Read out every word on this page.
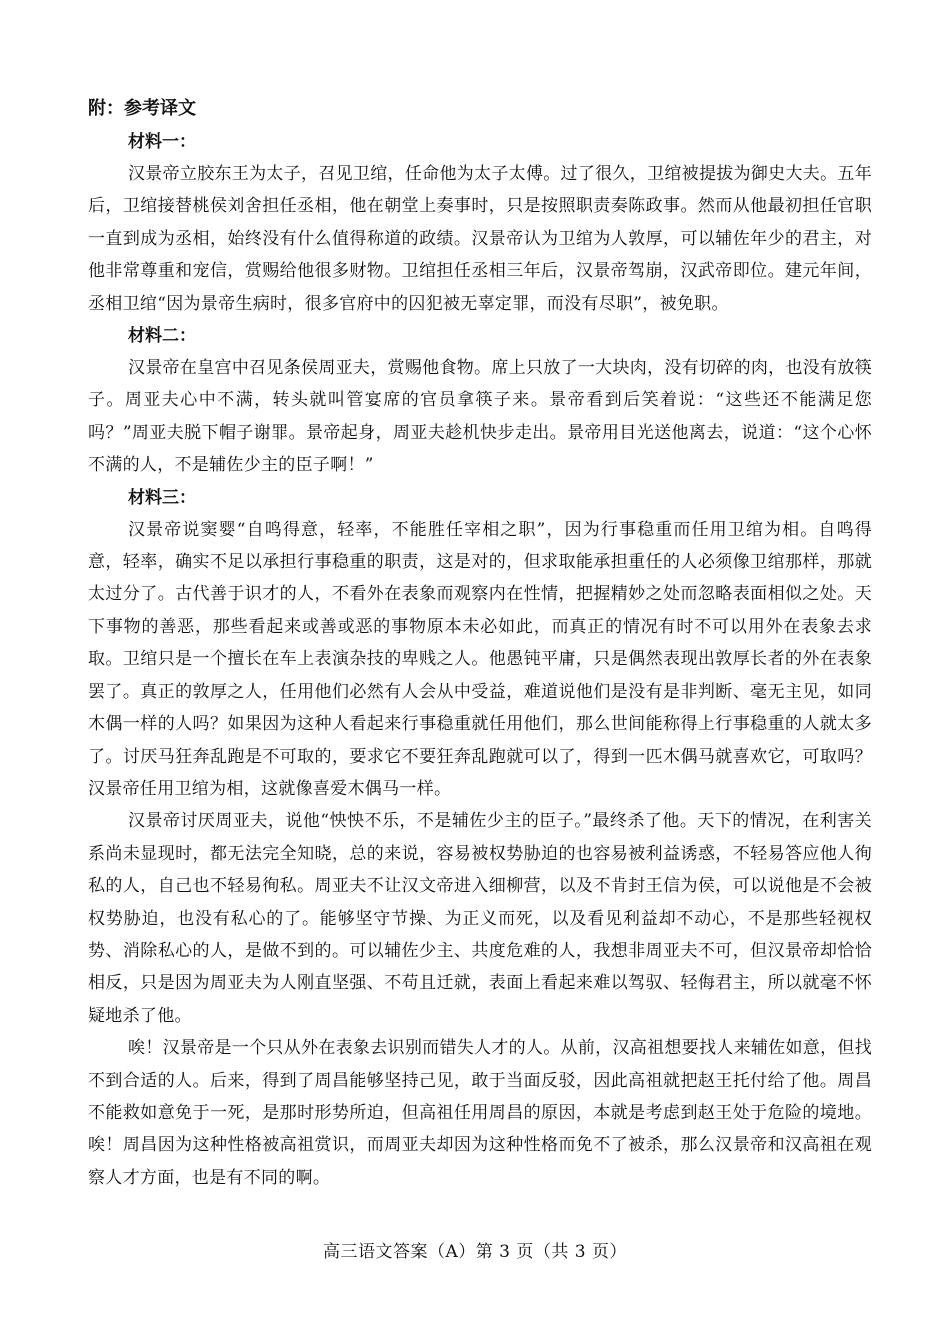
附：参考译文

材料一：

汉景帝立胶东王为太子，召见卫绾，任命他为太子太傅。过了很久，卫绾被提拔为御史大夫。五年后，卫绾接替桃侯刘舍担任丞相，他在朝堂上奏事时，只是按照职责奏陈政事。然而从他最初担任官职一直到成为丞相，始终没有什么值得称道的政绩。汉景帝认为卫绾为人敦厚，可以辅佐年少的君主，对他非常尊重和宠信，赏赐给他很多财物。卫绾担任丞相三年后，汉景帝驾崩，汉武帝即位。建元年间，丞相卫绾“因为景帝生病时，很多官府中的囚犯被无辜定罪，而没有尽职”，被免职。

材料二：

汉景帝在皇宫中召见条侯周亚夫，赏赐他食物。席上只放了一大块肉，没有切碎的肉，也没有放筷子。周亚夫心中不满，转头就叫管宴席的官员拿筷子来。景帝看到后笑着说：“这些还不能满足您吗？”周亚夫脱下帽子谢罪。景帝起身，周亚夫趁机快步走出。景帝用目光送他离去，说道：“这个心怀不满的人，不是辅佐少主的臣子啊！”

材料三：

汉景帝说窦婴“自鸣得意，轻率，不能胜任宰相之职”，因为行事稳重而任用卫绾为相。自鸣得意，轻率，确实不足以承担行事稳重的职责，这是对的，但求取能承担重任的人必须像卫绾那样，那就太过分了。古代善于识才的人，不看外在表象而观察内在性情，把握精妙之处而忽略表面相似之处。天下事物的善恶，那些看起来或善或恶的事物原本未必如此，而真正的情况有时不可以用外在表象去求取。卫绾只是一个擅长在车上表演杂技的卑贱之人。他愚钝平庸，只是偶然表现出敦厚长者的外在表象罢了。真正的敦厚之人，任用他们必然有人会从中受益，难道说他们是没有是非判断、毫无主见，如同木偶一样的人吗？如果因为这种人看起来行事稳重就任用他们，那么世间能称得上行事稳重的人就太多了。讨厌马狂奔乱跑是不可取的，要求它不要狂奔乱跑就可以了，得到一匹木偶马就喜欢它，可取吗？汉景帝任用卫绾为相，这就像喜爱木偶马一样。

汉景帝讨厌周亚夫，说他“怏怏不乐，不是辅佐少主的臣子。”最终杀了他。天下的情况，在利害关系尚未显现时，都无法完全知晓，总的来说，容易被权势胁迫的也容易被利益诱惑，不轻易答应他人徇私的人，自己也不轻易徇私。周亚夫不让汉文帝进入细柳营，以及不肯封王信为侯，可以说他是不会被权势胁迫，也没有私心的了。能够坚守节操、为正义而死，以及看见利益却不动心，不是那些轻视权势、消除私心的人，是做不到的。可以辅佐少主、共度危难的人，我想非周亚夫不可，但汉景帝却恰恰相反，只是因为周亚夫为人刚直坚强、不苟且迁就，表面上看起来难以驾驭、轻侮君主，所以就毫不怀疑地杀了他。

唉！汉景帝是一个只从外在表象去识别而错失人才的人。从前，汉高祖想要找人来辅佐如意，但找不到合适的人。后来，得到了周昌能够坚持己见，敢于当面反驳，因此高祖就把赵王托付给了他。周昌不能救如意免于一死，是那时形势所迫，但高祖任用周昌的原因，本就是考虑到赵王处于危险的境地。唉！周昌因为这种性格被高祖赏识，而周亚夫却因为这种性格而免不了被杀，那么汉景帝和汉高祖在观察人才方面，也是有不同的啊。

高三语文答案（A）第 3 页（共 3 页）
